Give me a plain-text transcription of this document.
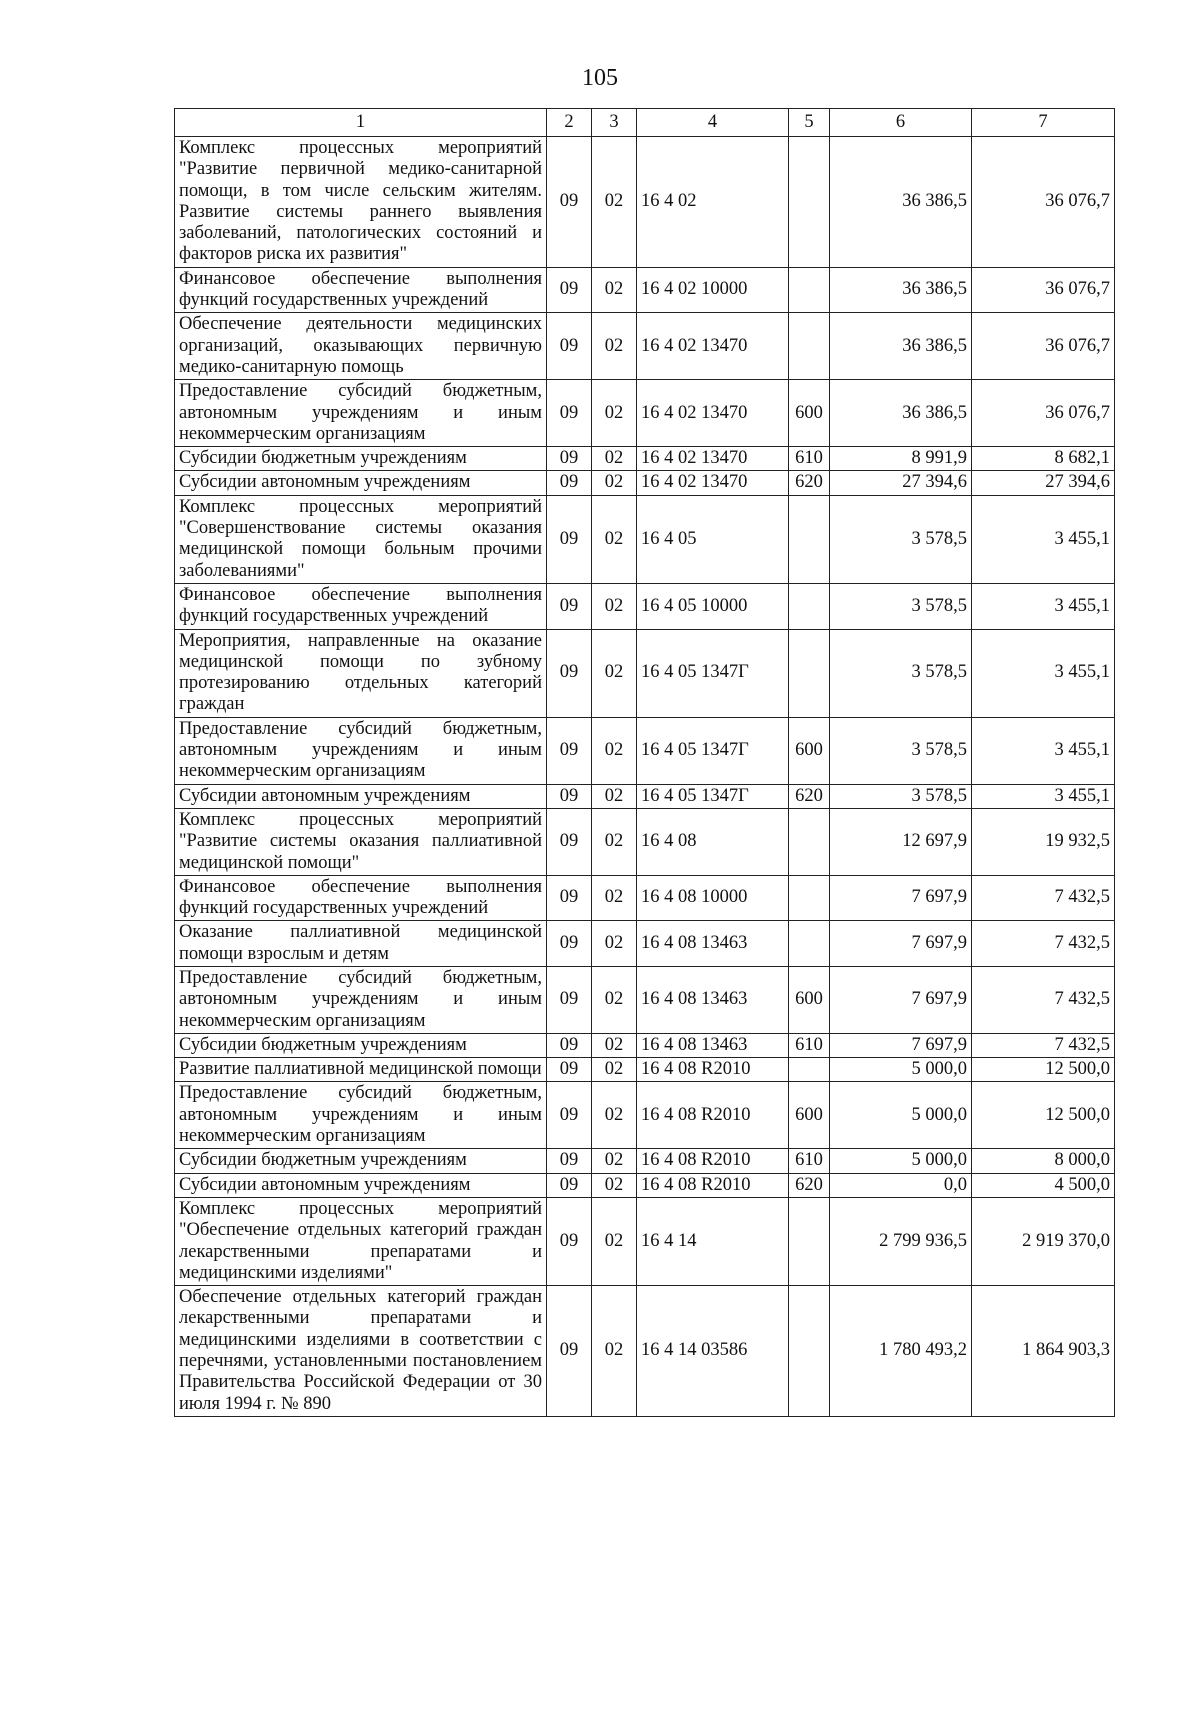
105
1	2	3	4	5	6	7
Комплекс процессных мероприятий "Развитие первичной медико-санитарной помощи, в том числе сельским жителям. Развитие системы раннего выявления заболеваний, патологических состояний и факторов риска их развития"	09	02	16 4 02		36 386,5	36 076,7
Финансовое обеспечение выполнения функций государственных учреждений	09	02	16 4 02 10000		36 386,5	36 076,7
Обеспечение деятельности медицинских организаций, оказывающих первичную медико-санитарную помощь	09	02	16 4 02 13470		36 386,5	36 076,7
Предоставление субсидий бюджетным, автономным учреждениям и иным некоммерческим организациям	09	02	16 4 02 13470	600	36 386,5	36 076,7
Субсидии бюджетным учреждениям	09	02	16 4 02 13470	610	8 991,9	8 682,1
Субсидии автономным учреждениям	09	02	16 4 02 13470	620	27 394,6	27 394,6
Комплекс процессных мероприятий "Совершенствование системы оказания медицинской помощи больным прочими заболеваниями"	09	02	16 4 05		3 578,5	3 455,1
Финансовое обеспечение выполнения функций государственных учреждений	09	02	16 4 05 10000		3 578,5	3 455,1
Мероприятия, направленные на оказание медицинской помощи по зубному протезированию отдельных категорий граждан	09	02	16 4 05 1347Г		3 578,5	3 455,1
Предоставление субсидий бюджетным, автономным учреждениям и иным некоммерческим организациям	09	02	16 4 05 1347Г	600	3 578,5	3 455,1
Субсидии автономным учреждениям	09	02	16 4 05 1347Г	620	3 578,5	3 455,1
Комплекс процессных мероприятий "Развитие системы оказания паллиативной медицинской помощи"	09	02	16 4 08		12 697,9	19 932,5
Финансовое обеспечение выполнения функций государственных учреждений	09	02	16 4 08 10000		7 697,9	7 432,5
Оказание паллиативной медицинской помощи взрослым и детям	09	02	16 4 08 13463		7 697,9	7 432,5
Предоставление субсидий бюджетным, автономным учреждениям и иным некоммерческим организациям	09	02	16 4 08 13463	600	7 697,9	7 432,5
Субсидии бюджетным учреждениям	09	02	16 4 08 13463	610	7 697,9	7 432,5
Развитие паллиативной медицинской помощи	09	02	16 4 08 R2010		5 000,0	12 500,0
Предоставление субсидий бюджетным, автономным учреждениям и иным некоммерческим организациям	09	02	16 4 08 R2010	600	5 000,0	12 500,0
Субсидии бюджетным учреждениям	09	02	16 4 08 R2010	610	5 000,0	8 000,0
Субсидии автономным учреждениям	09	02	16 4 08 R2010	620	0,0	4 500,0
Комплекс процессных мероприятий "Обеспечение отдельных категорий граждан лекарственными препаратами и медицинскими изделиями"	09	02	16 4 14		2 799 936,5	2 919 370,0
Обеспечение отдельных категорий граждан лекарственными препаратами и медицинскими изделиями в соответствии с перечнями, установленными постановлением Правительства Российской Федерации от 30 июля 1994 г. № 890	09	02	16 4 14 03586		1 780 493,2	1 864 903,3
